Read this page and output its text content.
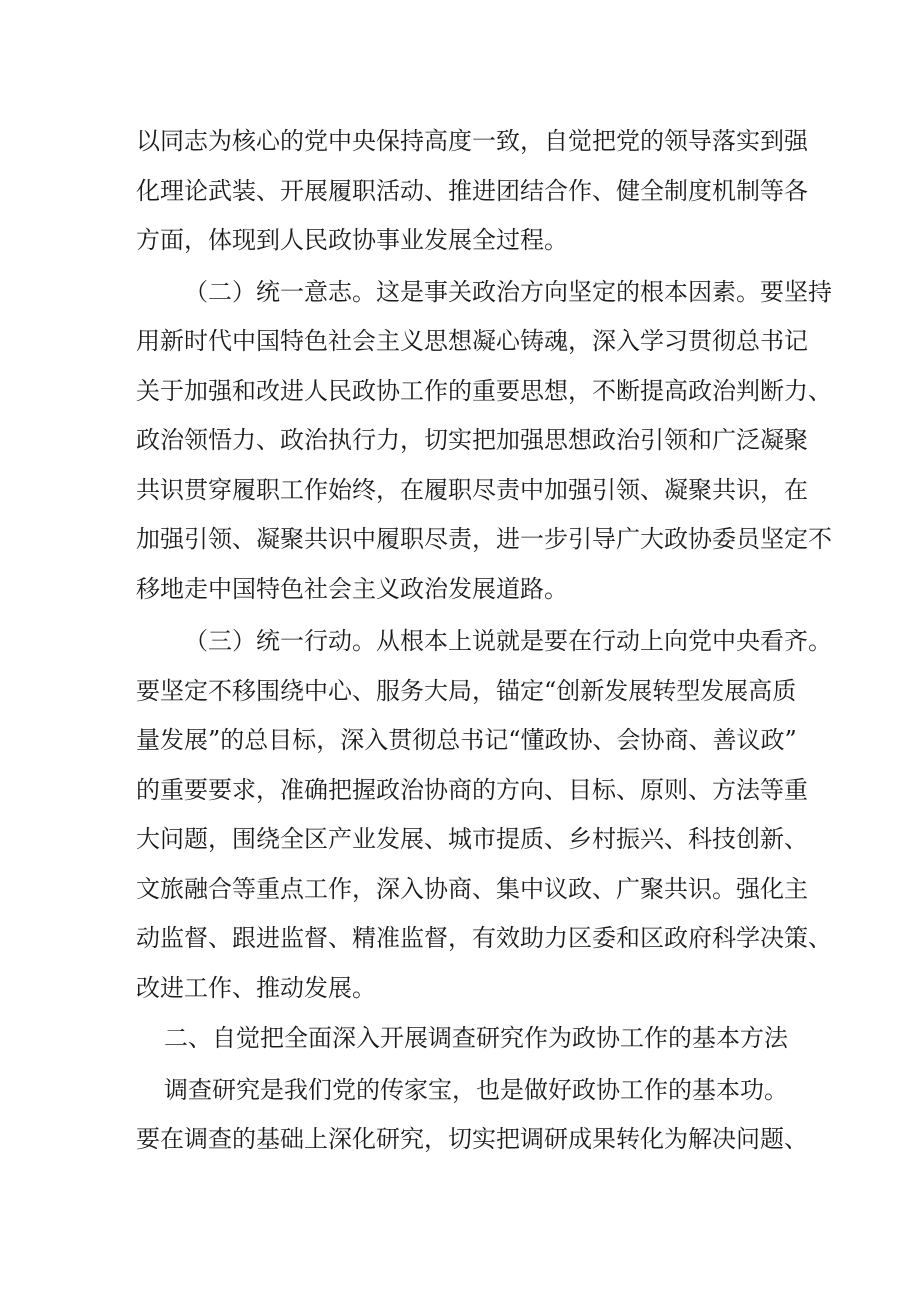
以同志为核心的党中央保持高度一致，自觉把党的领导落实到强
化理论武装、开展履职活动、推进团结合作、健全制度机制等各
方面，体现到人民政协事业发展全过程。
（二）统一意志。这是事关政治方向坚定的根本因素。要坚持
用新时代中国特色社会主义思想凝心铸魂，深入学习贯彻总书记
关于加强和改进人民政协工作的重要思想，不断提高政治判断力、
政治领悟力、政治执行力，切实把加强思想政治引领和广泛凝聚
共识贯穿履职工作始终，在履职尽责中加强引领、凝聚共识，在
加强引领、凝聚共识中履职尽责，进一步引导广大政协委员坚定不
移地走中国特色社会主义政治发展道路。
（三）统一行动。从根本上说就是要在行动上向党中央看齐。
要坚定不移围绕中心、服务大局，锚定“创新发展转型发展高质
量发展”的总目标，深入贯彻总书记“懂政协、会协商、善议政”
的重要要求，准确把握政治协商的方向、目标、原则、方法等重
大问题，围绕全区产业发展、城市提质、乡村振兴、科技创新、
文旅融合等重点工作，深入协商、集中议政、广聚共识。强化主
动监督、跟进监督、精准监督，有效助力区委和区政府科学决策、
改进工作、推动发展。
二、自觉把全面深入开展调查研究作为政协工作的基本方法
调查研究是我们党的传家宝，也是做好政协工作的基本功。
要在调查的基础上深化研究，切实把调研成果转化为解决问题、
